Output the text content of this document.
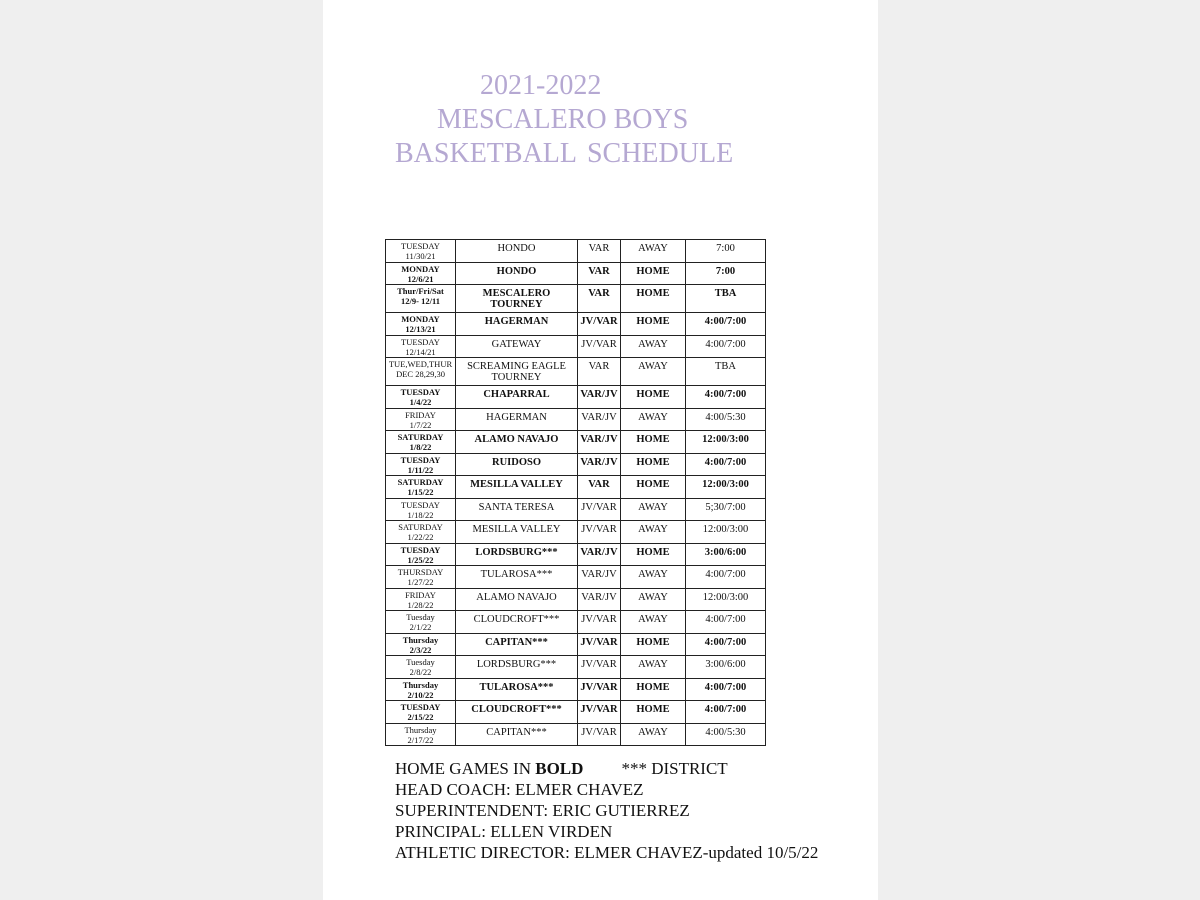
2021-2022
MESCALERO BOYS
BASKETBALL SCHEDULE
TUESDAY
11/30/21	HONDO	VAR	AWAY	7:00

MONDAY
12/6/21	HONDO	VAR	HOME	7:00

Thur/Fri/Sat
12/9- 12/11	MESCALERO TOURNEY	VAR	HOME	TBA

MONDAY
12/13/21	HAGERMAN	JV/VAR	HOME	4:00/7:00

TUESDAY
12/14/21	GATEWAY	JV/VAR	AWAY	4:00/7:00

TUE,WED,THUR
DEC 28,29,30	SCREAMING EAGLE TOURNEY	VAR	AWAY	TBA

TUESDAY
1/4/22	CHAPARRAL	VAR/JV	HOME	4:00/7:00

FRIDAY
1/7/22	HAGERMAN	VAR/JV	AWAY	4:00/5:30

SATURDAY
1/8/22	ALAMO NAVAJO	VAR/JV	HOME	12:00/3:00

TUESDAY
1/11/22	RUIDOSO	VAR/JV	HOME	4:00/7:00

SATURDAY
1/15/22	MESILLA VALLEY	VAR	HOME	12:00/3:00

TUESDAY
1/18/22	SANTA TERESA	JV/VAR	AWAY	5;30/7:00

SATURDAY
1/22/22	MESILLA VALLEY	JV/VAR	AWAY	12:00/3:00

TUESDAY
1/25/22	LORDSBURG***	VAR/JV	HOME	3:00/6:00

THURSDAY
1/27/22	TULAROSA***	VAR/JV	AWAY	4:00/7:00

FRIDAY
1/28/22	ALAMO NAVAJO	VAR/JV	AWAY	12:00/3:00

Tuesday
2/1/22	CLOUDCROFT***	JV/VAR	AWAY	4:00/7:00

Thursday
2/3/22	CAPITAN***	JV/VAR	HOME	4:00/7:00

Tuesday
2/8/22	LORDSBURG***	JV/VAR	AWAY	3:00/6:00

Thursday
2/10/22	TULAROSA***	JV/VAR	HOME	4:00/7:00

TUESDAY
2/15/22	CLOUDCROFT***	JV/VAR	HOME	4:00/7:00

Thursday
2/17/22	CAPITAN***	JV/VAR	AWAY	4:00/5:30
HOME GAMES IN BOLD *** DISTRICT
HEAD COACH: ELMER CHAVEZ
SUPERINTENDENT: ERIC GUTIERREZ
PRINCIPAL: ELLEN VIRDEN
ATHLETIC DIRECTOR: ELMER CHAVEZ-updated 10/5/22
